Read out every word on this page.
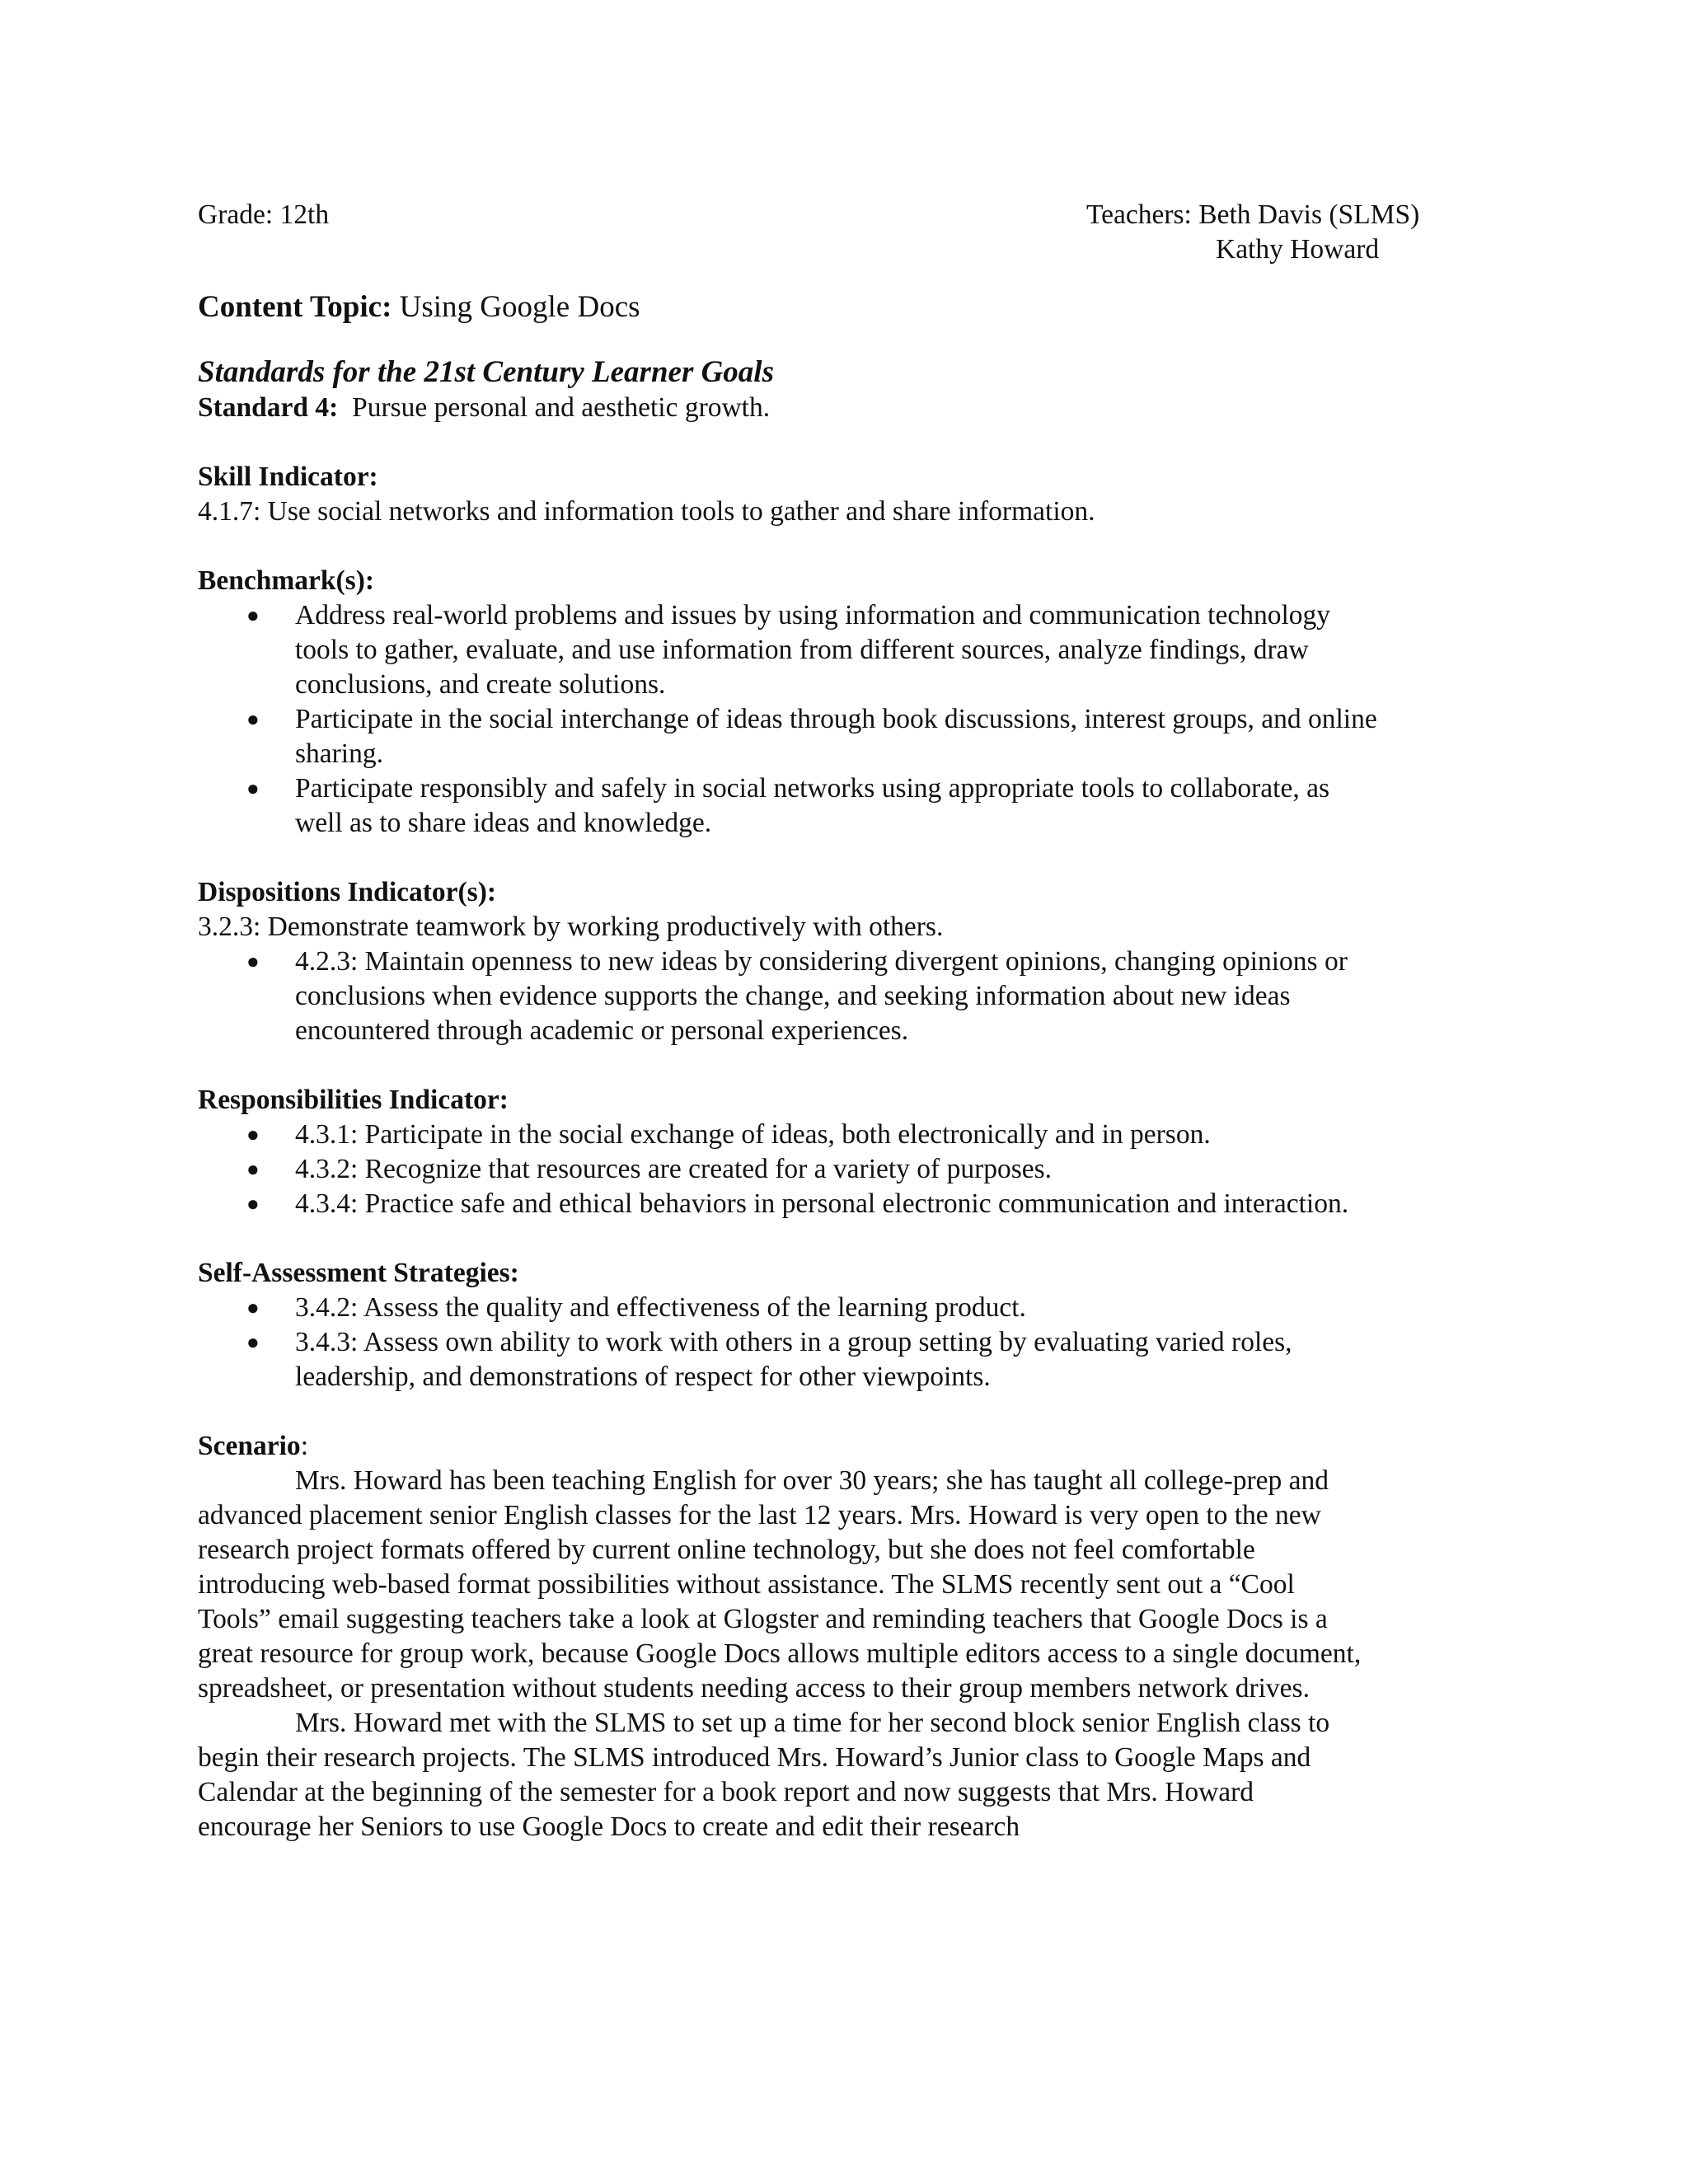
Grade: 12th	Teachers: Beth Davis (SLMS)
Kathy Howard
Content Topic: Using Google Docs
Standards for the 21st Century Learner Goals
Standard 4:  Pursue personal and aesthetic growth.
Skill Indicator:
4.1.7: Use social networks and information tools to gather and share information.
Benchmark(s):
● Address real-world problems and issues by using information and communication technology
tools to gather, evaluate, and use information from different sources, analyze findings, draw
conclusions, and create solutions.
● Participate in the social interchange of ideas through book discussions, interest groups, and online
sharing.
● Participate responsibly and safely in social networks using appropriate tools to collaborate, as
well as to share ideas and knowledge.
Dispositions Indicator(s):
3.2.3: Demonstrate teamwork by working productively with others.
● 4.2.3: Maintain openness to new ideas by considering divergent opinions, changing opinions or
conclusions when evidence supports the change, and seeking information about new ideas
encountered through academic or personal experiences.
Responsibilities Indicator:
● 4.3.1: Participate in the social exchange of ideas, both electronically and in person.
● 4.3.2: Recognize that resources are created for a variety of purposes.
● 4.3.4: Practice safe and ethical behaviors in personal electronic communication and interaction.
Self-Assessment Strategies:
● 3.4.2: Assess the quality and effectiveness of the learning product.
● 3.4.3: Assess own ability to work with others in a group setting by evaluating varied roles,
leadership, and demonstrations of respect for other viewpoints.
Scenario:
Mrs. Howard has been teaching English for over 30 years; she has taught all college-prep and
advanced placement senior English classes for the last 12 years. Mrs. Howard is very open to the new
research project formats offered by current online technology, but she does not feel comfortable
introducing web-based format possibilities without assistance. The SLMS recently sent out a “Cool
Tools” email suggesting teachers take a look at Glogster and reminding teachers that Google Docs is a
great resource for group work, because Google Docs allows multiple editors access to a single document,
spreadsheet, or presentation without students needing access to their group members network drives.
Mrs. Howard met with the SLMS to set up a time for her second block senior English class to
begin their research projects. The SLMS introduced Mrs. Howard’s Junior class to Google Maps and
Calendar at the beginning of the semester for a book report and now suggests that Mrs. Howard
encourage her Seniors to use Google Docs to create and edit their research
